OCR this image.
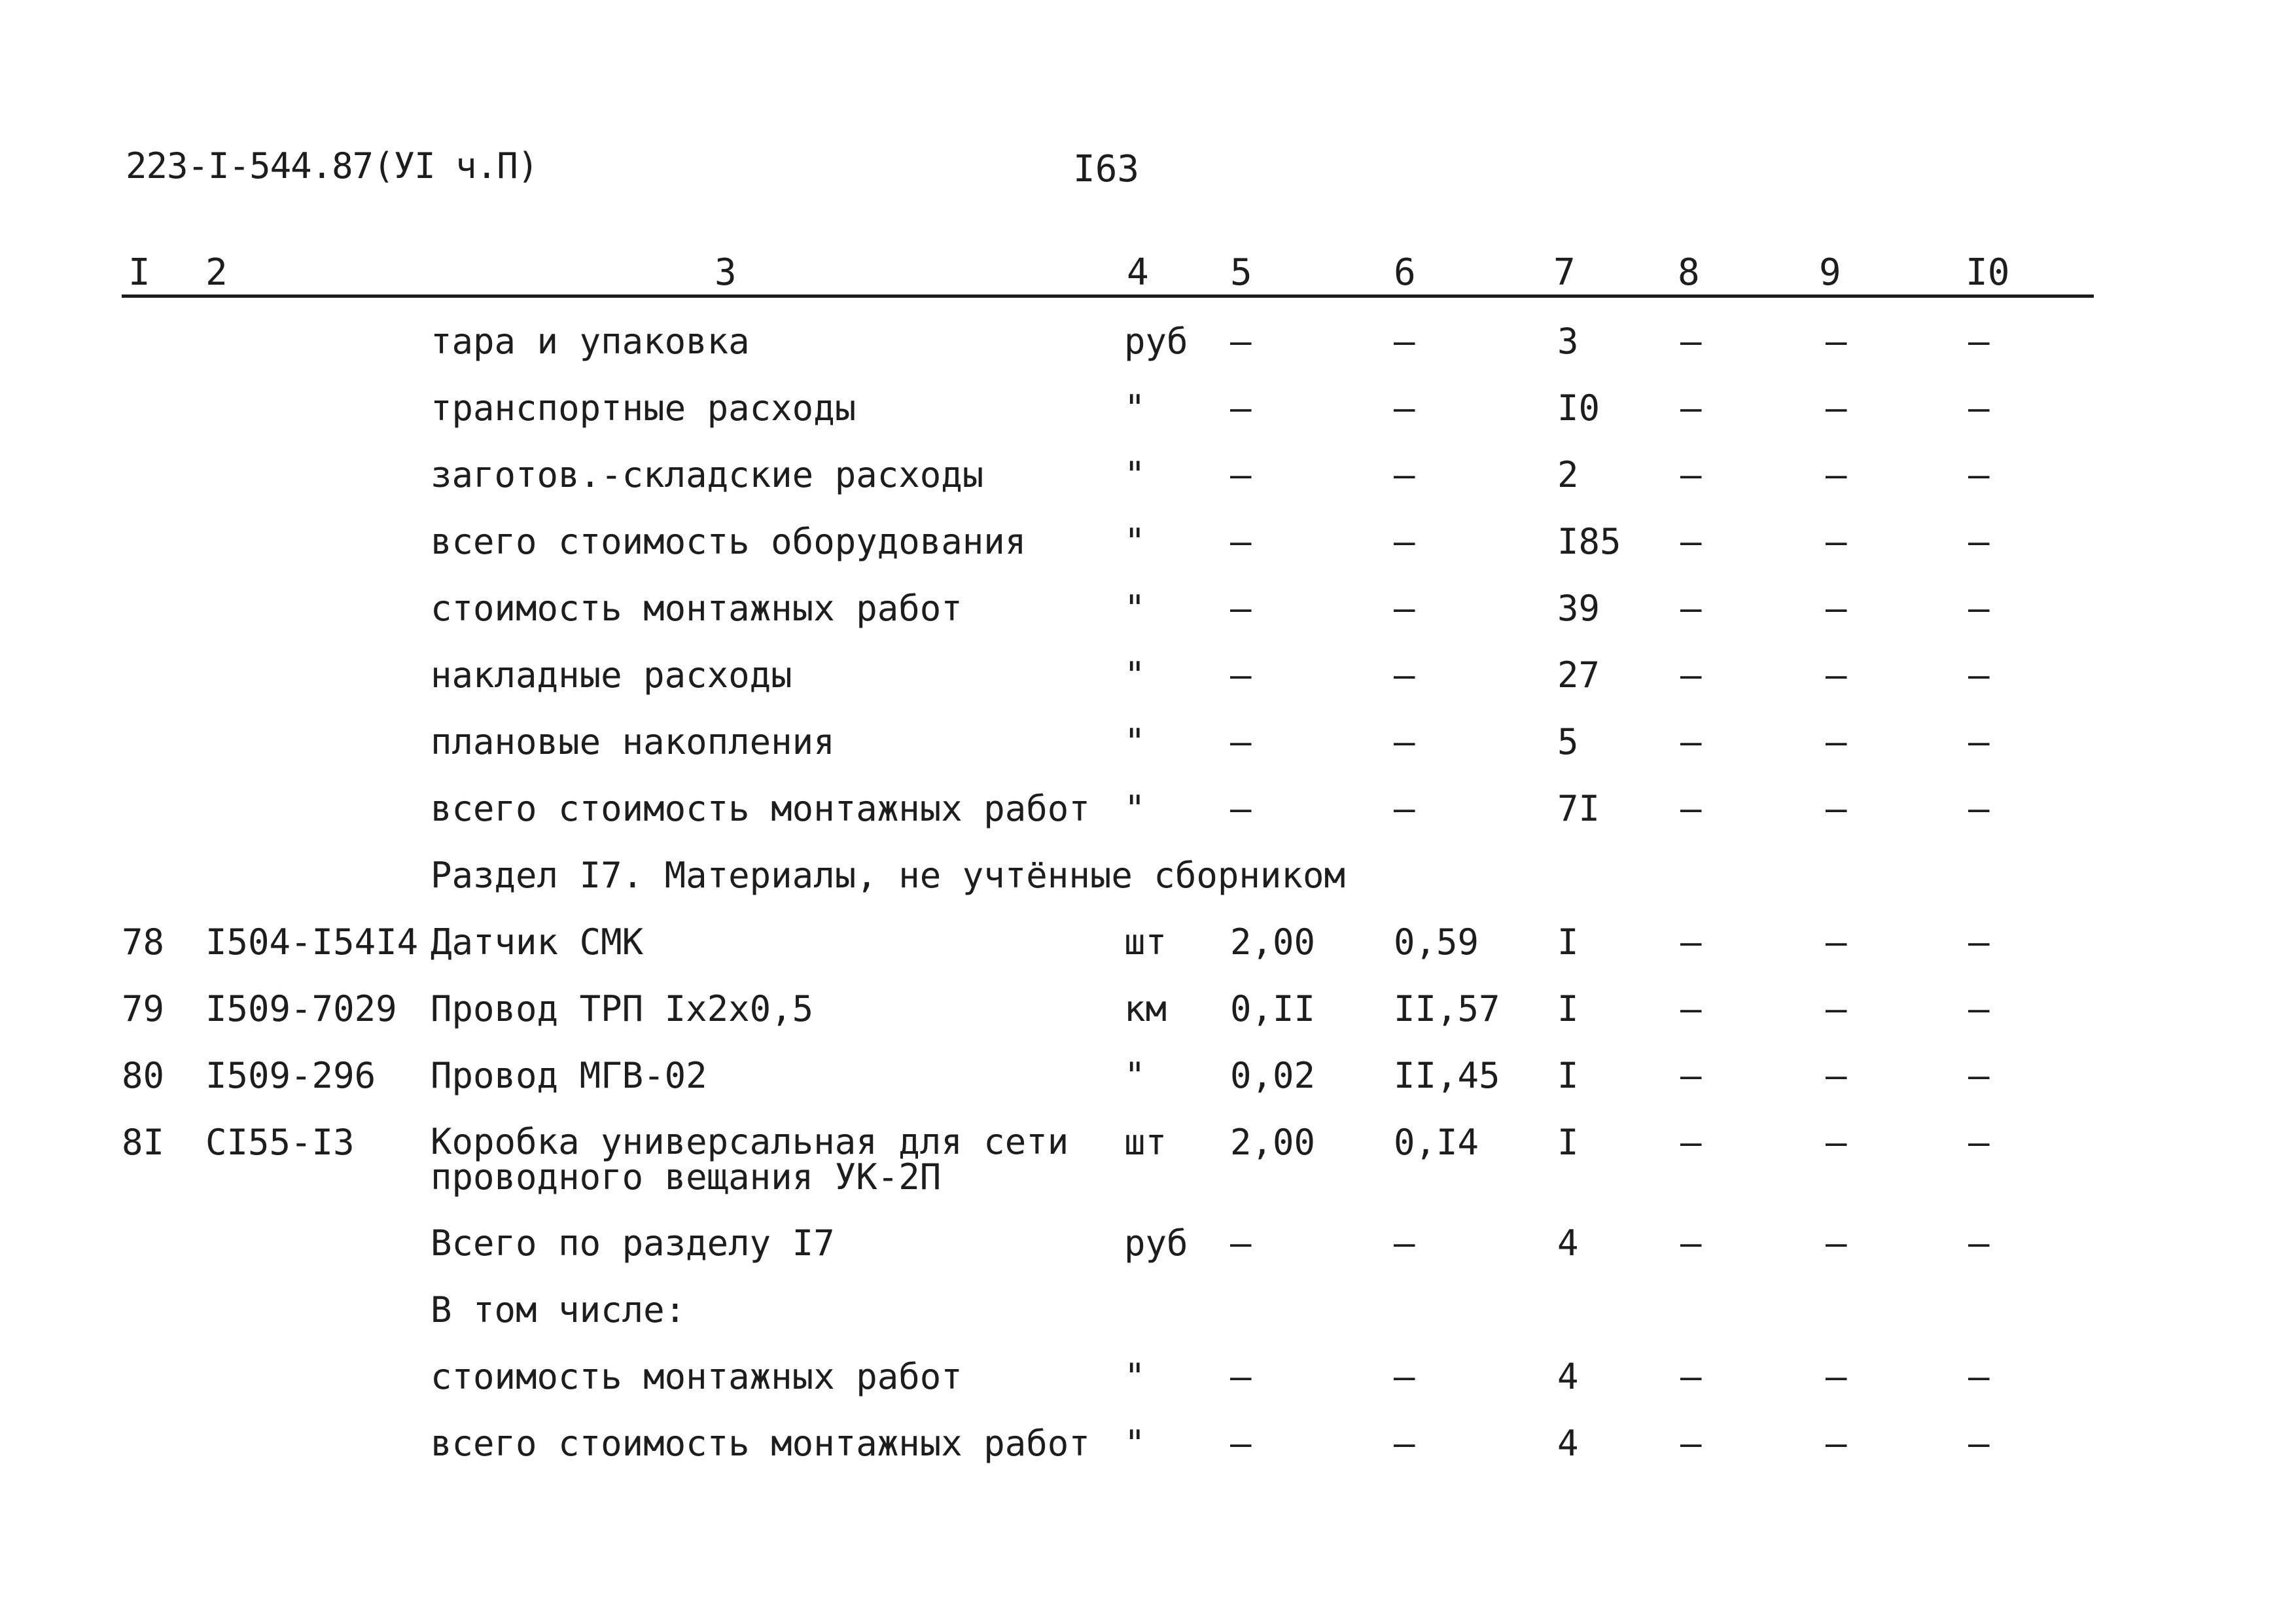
223-I-544.87(УI ч.П)	I63
I 2	3	4 5	6	7	8	9	I0
тара и упаковка	руб –	–	3	–	–	–
транспортные расходы	" –	–	I0 –	–	–
заготов.-складские расходы	" –	–	2	–	–	–
всего стоимость оборудования	" –	–	I85 –	–	–
стоимость монтажных работ	" –	–	39 –	–	–
накладные расходы	" –	–	27 –	–	–
плановые накопления	" –	–	5	–	–	–
всего стоимость монтажных работ " –	–	7I –	–	–
Раздел I7. Материалы, не учтённые сборником
78 I504-I54I4 Датчик СМК	шт 2,00 0,59 I	–	–	–
79 I509-7029 Провод ТРП Iх2х0,5	км 0,II II,57 I	–	–	–
80 I509-296 Провод МГВ-02	" 0,02 II,45 I	–	–	–
8I СI55-I3 Коробка универсальная для сети проводного вещания УК-2П
шт 2,00 0,I4 I	–	–	–
Всего по разделу I7	руб –	–	4	–	–	–
В том числе:
стоимость монтажных работ	" –	–	4	–	–	–
всего стоимость монтажных работ " –	–	4	–	–	–
